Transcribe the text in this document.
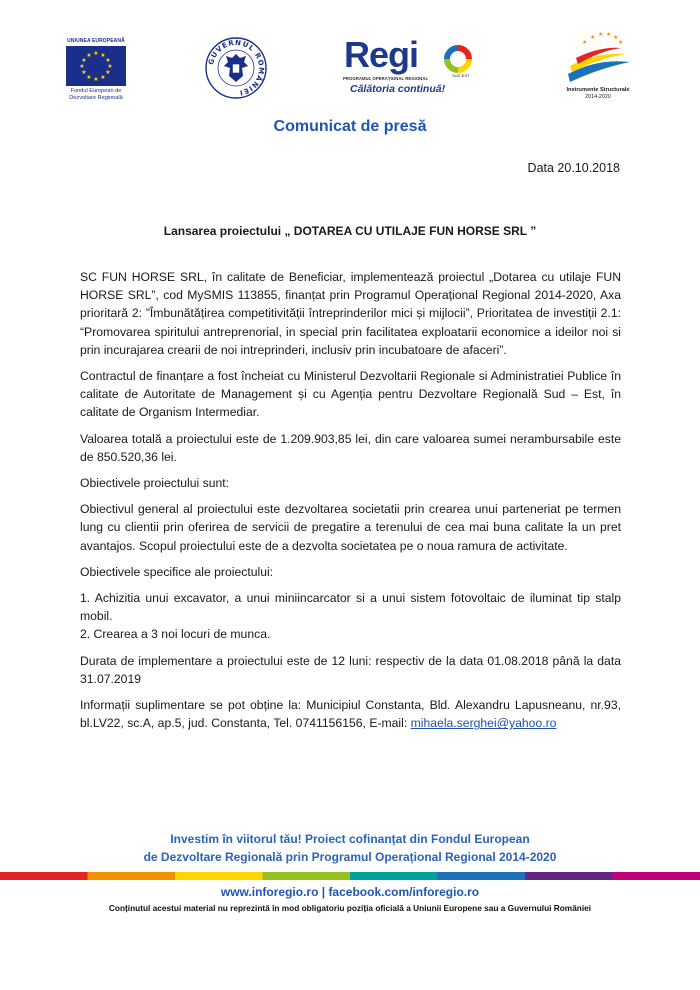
UNIUNEA EUROPEANĂ
★ ★
★
★
★
★
★
★
★
★
★
★
Fondul European de
Dezvoltare Regională
GUVERNUL ROMÂNIEI
Regi
PROGRAMUL OPERAȚIONAL REGIONAL
SUD-EST
Călătoria continuă!
★
★ ★ ★ ★
★
Instrumente Structurale
2014-2020
Comunicat de presă
Data 20.10.2018
Lansarea proiectului „ DOTAREA CU UTILAJE FUN HORSE SRL ”

SC FUN HORSE SRL, în calitate de Beneficiar, implementează proiectul „Dotarea cu utilaje FUN HORSE SRL”, cod MySMIS 113855, finanțat prin Programul Operațional Regional 2014-2020, Axa prioritară 2: ”Îmbunătățirea competitivității întreprinderilor mici și mijlocii”, Prioritatea de investiții 2.1: “Promovarea spiritului antreprenorial, in special prin facilitatea exploatarii economice a ideilor noi si prin incurajarea crearii de noi intreprinderi, inclusiv prin incubatoare de afaceri”.

Contractul de finanțare a fost încheiat cu Ministerul Dezvoltarii Regionale si Administratiei Publice în calitate de Autoritate de Management și cu Agenția pentru Dezvoltare Regională Sud – Est, în calitate de Organism Intermediar.

Valoarea totală a proiectului este de 1.209.903,85 lei, din care valoarea sumei nerambursabile este de 850.520,36 lei.

Obiectivele proiectului sunt:

Obiectivul general al proiectului este dezvoltarea societatii prin crearea unui parteneriat pe termen lung cu clientii prin oferirea de servicii de pregatire a terenului de cea mai buna calitate la un pret avantajos. Scopul proiectului este de a dezvolta societatea pe o noua ramura de activitate.

Obiectivele specifice ale proiectului:

1. Achizitia unui excavator, a unui miniincarcator si a unui sistem fotovoltaic de iluminat tip stalp mobil.

2. Crearea a 3 noi locuri de munca.

Durata de implementare a proiectului este de 12 luni: respectiv de la data 01.08.2018 până la data 31.07.2019

Informații suplimentare se pot obține la: Municipiul Constanta, Bld. Alexandru Lapusneanu, nr.93, bl.LV22, sc.A, ap.5, jud. Constanta, Tel. 0741156156, E-mail: mihaela.serghei@yahoo.ro

Investim în viitorul tău! Proiect cofinanțat din Fondul European
de Dezvoltare Regională prin Programul Operațional Regional 2014-2020
www.inforegio.ro | facebook.com/inforegio.ro
Conținutul acestui material nu reprezintă în mod obligatoriu poziția oficială a Uniunii Europene sau a Guvernului României
